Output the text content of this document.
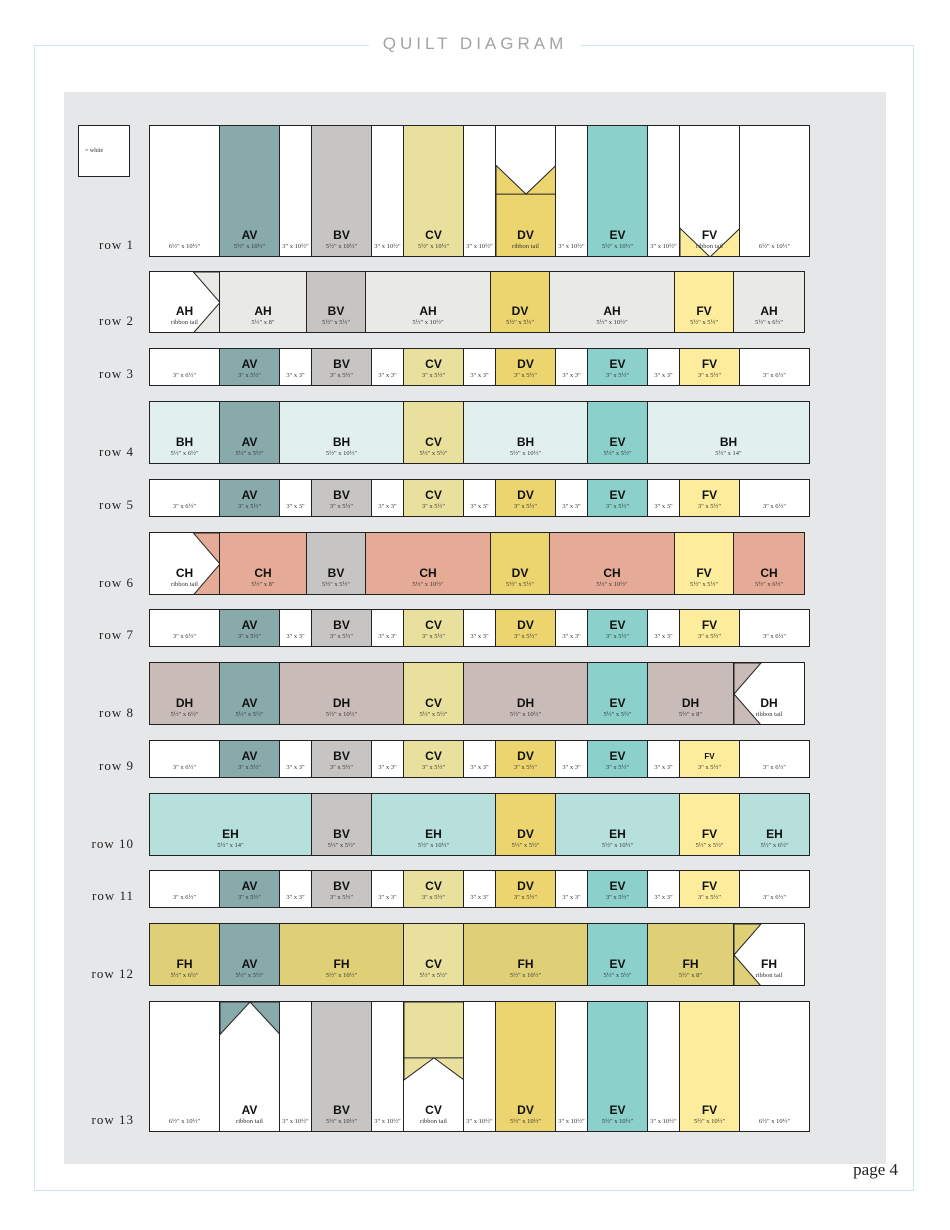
QUILT DIAGRAM
= white
row 1	6½" x 10½"
AV
5½" x 10½"	3" x 10½"
BV
5½" x 10½"	3" x 10½"
CV
5½" x 10½"	3" x 10½"
DV
ribbon tail	3" x 10½"
EV
5½" x 10½"	3" x 10½"
FV
ribbon tail	6½" x 10½"
row 2
AH
ribbon tail
AH
5½" x 8"
BV
5½" x 5½"
AH
5½" x 10½"
DV
5½" x 5½"
AH
5½" x 10½"
FV
5½" x 5½"
AH
5½" x 6½"
row 3	3" x 6½"
AV
3" x 5½"	3" x 3"
BV
3" x 5½"	3" x 3"
CV
3" x 5½"	3" x 3"
DV
3" x 5½"	3" x 3"
EV
3" x 5½"	3" x 3"
FV
3" x 5½"	3" x 6½"
row 4
BH
5½" x 6½"
AV
5½" x 5½"
BH
5½" x 10½"
CV
5½" x 5½"
BH
5½" x 10½"
EV
5½" x 5½"
BH
5½" x 14"
row 5	3" x 6½"
AV
3" x 5½"	3" x 3"
BV
3" x 5½"	3" x 3"
CV
3" x 5½"	3" x 3"
DV
3" x 5½"	3" x 3"
EV
3" x 5½"	3" x 3"
FV
3" x 5½"	3" x 6½"
row 6
CH
ribbon tail
CH
5½" x 8"
BV
5½" x 5½"
CH
5½" x 10½"
DV
5½" x 5½"
CH
5½" x 10½"
FV
5½" x 5½"
CH
5½" x 6½"
row 7	3" x 6½"
AV
3" x 5½"	3" x 3"
BV
3" x 5½"	3" x 3"
CV
3" x 5½"	3" x 3"
DV
3" x 5½"	3" x 3"
EV
3" x 5½"	3" x 3"
FV
3" x 5½"	3" x 6½"
row 8
DH
5½" x 6½"
AV
5½" x 5½"
DH
5½" x 10½"
CV
5½" x 5½"
DH
5½" x 10½"
EV
5½" x 5½"
DH
5½" x 8"
DH
ribbon tail
row 9	3" x 6½"
AV
3" x 5½"	3" x 3"
BV
3" x 5½"	3" x 3"
CV
3" x 5½"	3" x 3"
DV
3" x 5½"	3" x 3"
EV
3" x 5½"	3" x 3"
FV
3" x 5½"	3" x 6½"
row 10
EH
5½" x 14"
BV
5½" x 5½"
EH
5½" x 10½"
DV
5½" x 5½"
EH
5½" x 10½"
FV
5½" x 5½"
EH
5½" x 6½"
row 11	3" x 6½"
AV
3" x 5½"	3" x 3"
BV
3" x 5½"	3" x 3"
CV
3" x 5½"	3" x 3"
DV
3" x 5½"	3" x 3"
EV
3" x 5½"	3" x 3"
FV
3" x 5½"	3" x 6½"
row 12
FH
5½" x 6½"
AV
5½" x 5½"
FH
5½" x 10½"
CV
5½" x 5½"
FH
5½" x 10½"
EV
5½" x 5½"
FH
5½" x 8"
FH
ribbon tail
row 13	6½" x 10½"
AV
ribbon tail	3" x 10½"
BV
5½" x 10½"	3" x 10½"
CV
ribbon tail	3" x 10½"
DV
5½" x 10½"	3" x 10½"
EV
5½" x 10½"	3" x 10½"
FV
5½" x 10½"	6½" x 10½"
page 4
